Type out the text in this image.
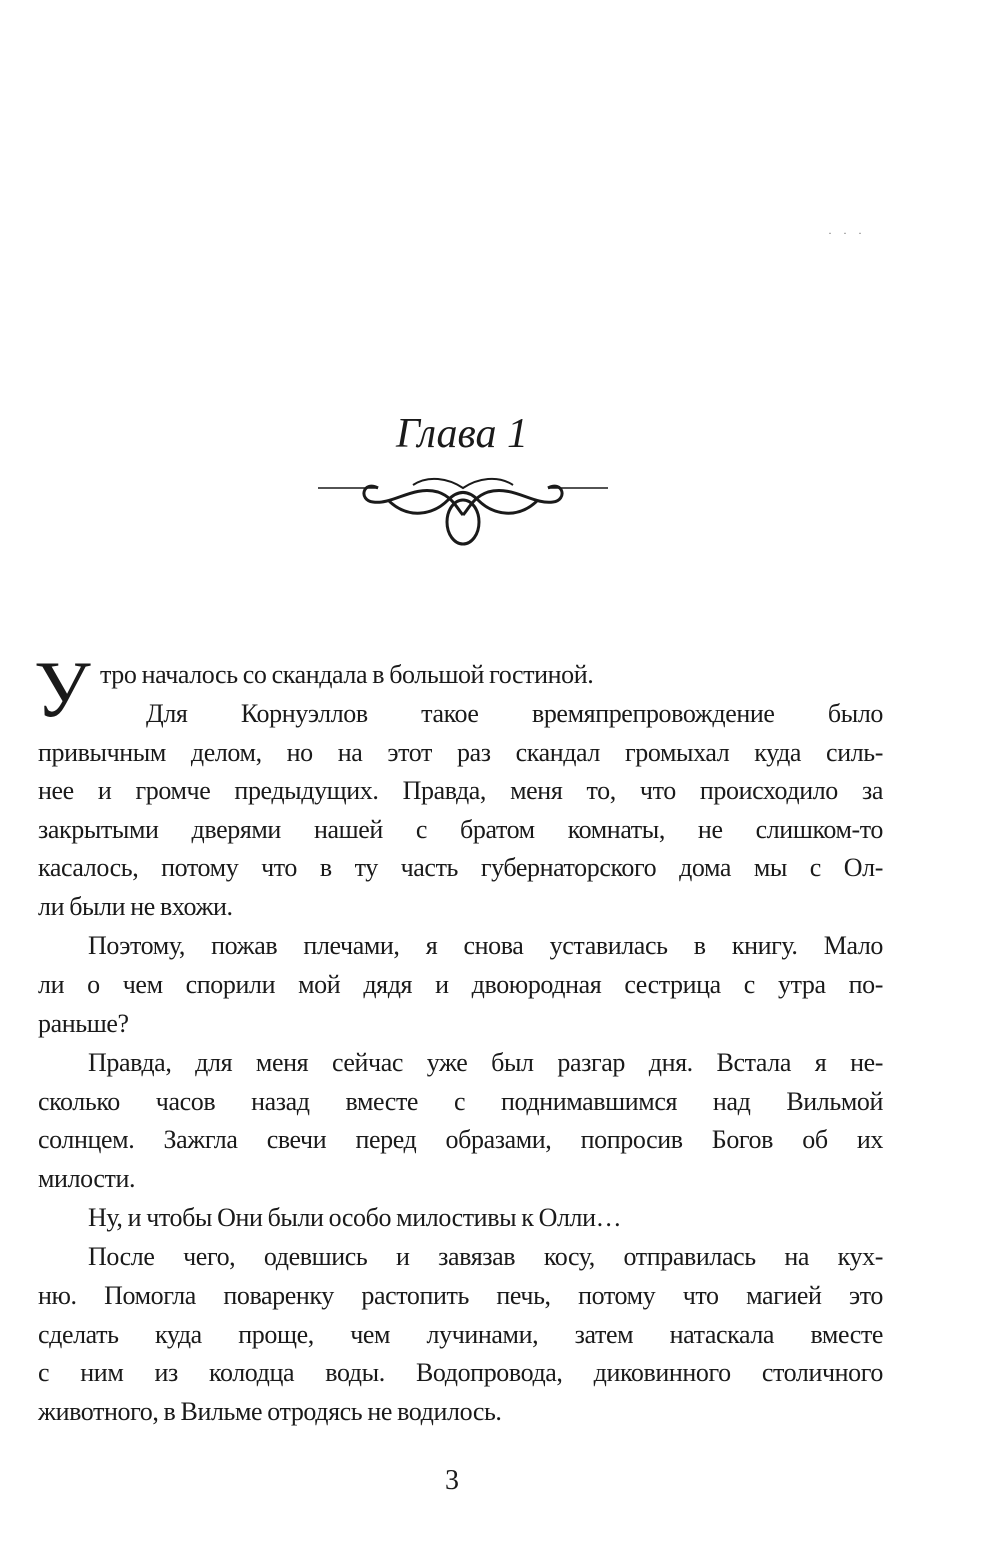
· · ·
Глава 1
У тро началось со скандала в большой гостиной.
Для Корнуэллов такое времяпрепровождение было
привычным делом, но на этот раз скандал громыхал куда силь-
нее и громче предыдущих. Правда, меня то, что происходило за
закрытыми дверями нашей с братом комнаты, не слишком-то
касалось, потому что в ту часть губернаторского дома мы с Ол-
ли были не вхожи.
Поэтому, пожав плечами, я снова уставилась в книгу. Мало
ли о чем спорили мой дядя и двоюродная сестрица с утра по-
раньше?
Правда, для меня сейчас уже был разгар дня. Встала я не-
сколько часов назад вместе с поднимавшимся над Вильмой
солнцем. Зажгла свечи перед образами, попросив Богов об их
милости.
Ну, и чтобы Они были особо милостивы к Олли…
После чего, одевшись и завязав косу, отправилась на кух-
ню. Помогла поваренку растопить печь, потому что магией это
сделать куда проще, чем лучинами, затем натаскала вместе
с ним из колодца воды. Водопровода, диковинного столичного
животного, в Вильме отродясь не водилось.
3
